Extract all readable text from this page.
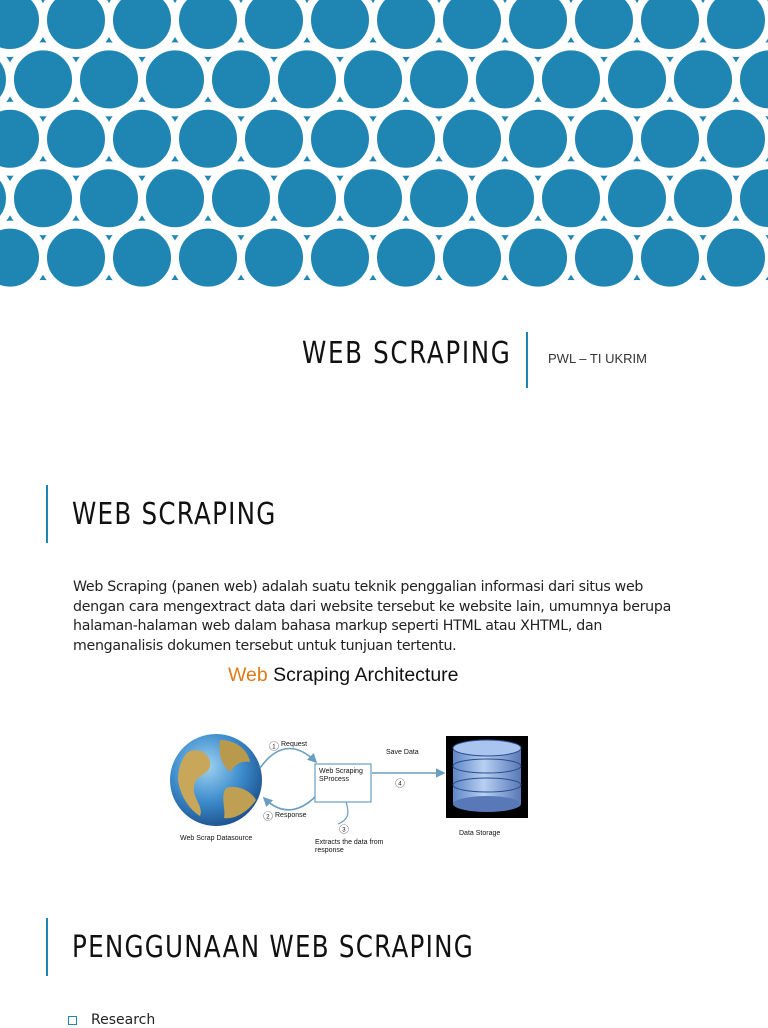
WEB SCRAPING	PWL – TI UKRIM
WEB SCRAPING
Web Scraping (panen web) adalah suatu teknik penggalian informasi dari situs web dengan cara mengextract data dari website tersebut ke website lain, umumnya berupa halaman-halaman web dalam bahasa markup seperti HTML atau XHTML, dan menganalisis dokumen tersebut untuk tunjuan tertentu.
Web Scraping Architecture
Web Scrap Datasource
1 Request
2 Response
Web Scraping
SProcess
Save Data
4
3
Extracts the data from
response
Data Storage
PENGGUNAAN WEB SCRAPING
Research
